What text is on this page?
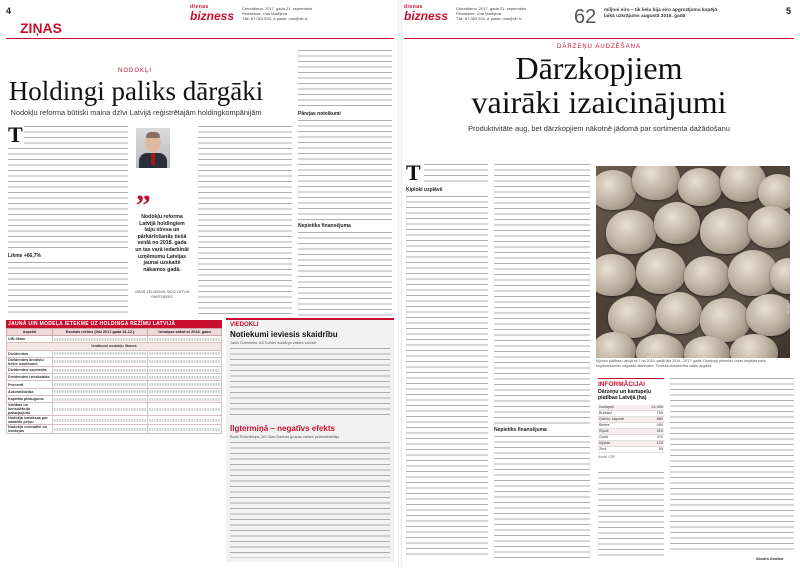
4	dienas
bizness
Ceturtdiena, 2017. gada 21. septembris
Redaktore: Una Malējeva
Tālr. 67 063 533, e-pasts: una@db.lv
ZIŅAS
NODOKĻI
Holdingi paliks dārgāki
Nodokļu reforma būtiski maina dzīvi Latvijā reģistrētajām holdingkompānijām
T
Likme +66,7%
„
Nodokļu reforma Latvijā holdingiem laiju stresa un pārkārtošanās tiešā veidā no 2018. gada un tas varā iedarbināt uzņēmumu Latvijas jaunai uzskaitē nākamos gadā.
JĀNIS ZELMENIS, BDO LATVIA PARTNERIS
Pārejas noteikumi
Nepietiks finansējuma
JAUNĀ UIN MODEĻA IETEKME UZ HOLDINGA REŽĪMU LATVIJĀ
Aspekti	Esošais režīms (līdz 2017.gada 31.12.)	Izmaiņas sākot ar 2018. gadu
UIN likme	

Ienākumi nodokļu likmes		
Dividendes	

Dividendes ārvalstu tiešie uzņēmumi	

Dividendes saņemtās	

Dividendes izmaksātās	

Procenti	

Autoratlīdzība	

Kapitāla pieaugums	

Vadības un konsultāciju pakalpojumi	

Nodokļa izmaksas par sadalīto peļņu	

Nodokļu normatīvi un izmaiņas	

VIEDOKLI
Notiekumi ieviesis skaidrību
Janis Ozernieks, AS Sobiet modārgs valdes locekle
Ilgtermiņā – negatīvs efekts
Bodo Rosinštejns, AS Glas Bankas grupas valdes priekšsēdētājs
dienas
bizness
Ceturtdiena, 2017. gada 21. septembris
Redaktore: Una Malējeva
Tālr. 67 063 533, e-pasts: una@db.lv	62 miljoni eiro – tik liela bija eiro apgrozījuma kopējā laikā uzkrājums augustā 2016. gadā
5
DĀRZEŅU AUDZĒŠANA
Dārzkopjiem
vairāki izaicinājumi
Produktivitāte aug, bet dārzkopjiem nākotnē jādomā par sortimenta dažādošanu
T
Ķiploki uzplāvē
Nepietiks finansējuma
FOTO: DB
Ķiploku platības Latvijā uz 1 ha 2016. gadā bija 2014.–2017. gadā. Dārzkopji pilnveido ražas iespējas pašu nepieciešamību saglabāt dārzeņiem. Tiesiskā aizsardzība valsts apgādā.
INFORMĀCIJAI
Dārzeņu un kartupeļu platības Latvijā (ha)
Kartupeļi	24 300
Burkāni	760
Galviņ. kāposti	680
Bietes	450
Sīpoli	410
Gurķi	370
Ķiploki	120
Zirņi	80
Avots: CSP
Sandra Dzalina
